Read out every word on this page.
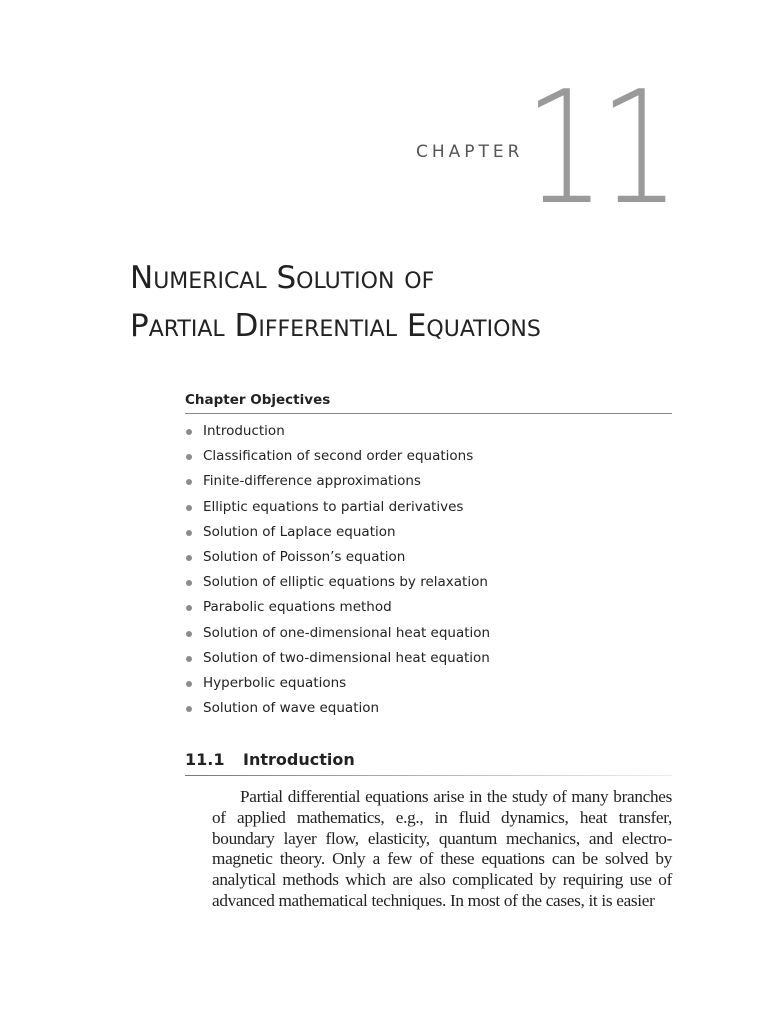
CHAPTER 11
Numerical Solution of
Partial Differential Equations
Chapter Objectives
Introduction
Classification of second order equations
Finite-difference approximations
Elliptic equations to partial derivatives
Solution of Laplace equation
Solution of Poisson’s equation
Solution of elliptic equations by relaxation
Parabolic equations method
Solution of one-dimensional heat equation
Solution of two-dimensional heat equation
Hyperbolic equations
Solution of wave equation
11.1 Introduction

Partial differential equations arise in the study of many branches of applied mathematics, e.g., in fluid dynamics, heat transfer, boundary layer flow, elasticity, quantum mechanics, and electro-magnetic theory. Only a few of these equations can be solved by analytical methods which are also complicated by requiring use of advanced mathematical techniques. In most of the cases, it is easier
